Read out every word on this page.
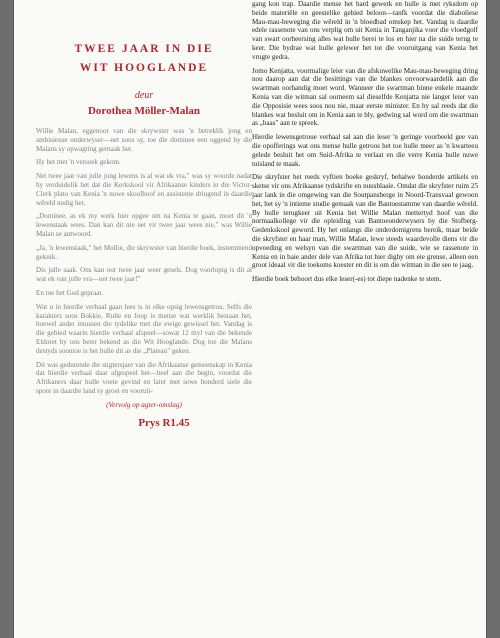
TWEE JAAR IN DIE
WIT HOOGLANDE
deur
Dorothea Möller-Malan

Willie Malan, eggenoot van die skrywster was 'n betreklik jong en ambisieuse onderwyser—net soos sy, toe die dominee een oggend by die Malans sy opwagting gemaak het.

Hy het met 'n versoek gekom.

Net twee jaar van julle jong lewens is al wat ek vra," was sy woorde nadat hy verduidelik het dat die Kerkskool vir Afrikaanse kinders in die Victor-Clerk plato van Kenia 'n nuwe skoolhoof en assistente dringend in daardie wêreld nodig het.

„Dominee, as ek my werk hier opgee om na Kenia te gaan, moet dit 'n lewenstaak wees. Dan kan dit nie net vir twee jaar wees nie," was Willie Malan se antwoord.

„Ja, 'n lewenstaak," het Mollie, die skrywster van hierdie boek, instemmend geknik.

Dis julle saak. Ons kan oor twee jaar weer gesels. Dog voorlopig is dit al wat ek van julle vra—net twee jaar!"

En toe het God gepraat.

Wat u in hierdie verhaal gaan lees is in elke opsig lewensgetrou. Selfs die karakters soos Bokkie, Rulie en Joop is mense wat werklik bestaan het, hoewel ander intussen die tydelike met die ewige gewissel het. Vandag is die gebied waarin hierdie verhaal afspeel—sowat 12 myl van die bekende Eldoret by ons beter bekend as die Wit Hooglande. Dog toe die Malans destyds soontoe is het hulle dit as die „Plateau" geken.

Dit was gedurende die stigtersjare van die Afrikaanse gemeenskap in Kenia dat hierdie verhaal daar afgespeel het—heel aan die begin, voordat die Afrikaners daar hulle voete gevind en later met sewe honderd siele die spore in daardie land sy groei en vooruit-

(Vervolg op agter-omslag)
Prys R1.45

gang kon trap. Daardie mense het hard gewerk en hulle is met ryksdom op beide materiële en geestelike gebied beloon—tanfk voordat die diaboliese Mau-mau-beweging die wêreld in 'n bloedbad omskep het. Vandag is daardie edele rassenote van ons verplig om uit Kenia in Tanganjika voor die vloedgolf van swart oorheersing alles wat hulle berei te los en hier na die suide terug te keer. Die bydrae wat hulle gelewer het tot die vooruitgang van Kenia het vrugte gedra.

Jomo Kenjatta, voormalige leier van die afskuwelike Mau-mau-beweging dring nou daarop aan dat die besittings van die blankes onvoorwaardelik aan die swartman oorhandig moet word. Wanneer die swartman binne enkele maande Kenia van die witman sal oorneem sal dieselfde Kenjatta nie langer leier van die Opposisie wees soos nou nie, maar eerste minister. En hy sal reeds dat die blankes wat besluit om in Kenia aan te bly, gedwing sal word om die swartman as „baas" aan te spreek.

Hierdie lewensgetroue verhaal sal aan die leser 'n geringe voorbeeld gee van die opofferings wat ons mense hulle getroos het toe hulle meer as 'n kwarteeu gelede besluit het om Suid-Afrika te verlaat en die verre Kenia hulle nuwe tuisland te maak.

Die skryfster het reeds vyftien boeke geskryf, behalwe honderde artikels en sketse vir ons Afrikaanse tydskrifte en nuusblaaie. Omdat die skryfster ruim 25 jaar lank in die omgewing van die Soutpansberge in Noord-Transvaal gewoon het, het sy 'n intieme studie gemaak van die Bantoestamme van daardie wêreld. By hulle terugkeer uit Kenia het Willie Malan mettertyd hoof van die normaalkollege vir die opleiding van Bantoeonderwysers by die Stofberg-Gedenkskool geword. Hy het onlangs die onderdomigrens bereik, maar beide die skryfster en haar man, Willie Malan, lewe steeds waardevolle diens vir die opvoeding en welsyn van die swartman van die suide, wie se rassenote in Kenia en in baie ander dele van Afrika tot hier dighy om eie grense, alleen een groot ideaal vir die toekoms koester en dit is om die witman in die see te jaag.

Hierdie boek behoort dus elke leser(-es) tot diepe nadenke te stem.
